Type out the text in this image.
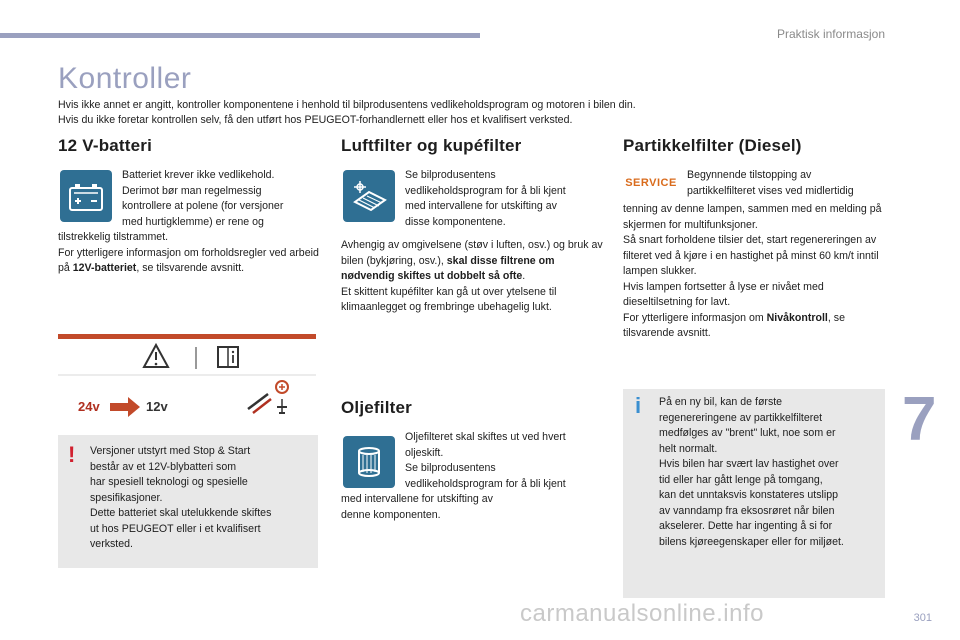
Praktisk informasjon
Kontroller
Hvis ikke annet er angitt, kontroller komponentene i henhold til bilprodusentens vedlikeholdsprogram og motoren i bilen din.
Hvis du ikke foretar kontrollen selv, få den utført hos PEUGEOT-forhandlernett eller hos et kvalifisert verksted.
12 V-batteri
Batteriet krever ikke vedlikehold.
Derimot bør man regelmessig
kontrollere at polene (for versjoner
med hurtigklemme) er rene og
tilstrekkelig tilstrammet.
For ytterligere informasjon om forholdsregler ved arbeid på 12V-batteriet, se tilsvarende avsnitt.
24v	12v
! Versjoner utstyrt med Stop & Start
består av et 12V-blybatteri som
har spesiell teknologi og spesielle
spesifikasjoner.
Dette batteriet skal utelukkende skiftes
ut hos PEUGEOT eller i et kvalifisert
verksted.
Luftfilter og kupéfilter
Se bilprodusentens
vedlikeholdsprogram for å bli kjent
med intervallene for utskifting av
disse komponentene.
Avhengig av omgivelsene (støv i luften, osv.) og bruk av bilen (bykjøring, osv.), skal disse filtrene om nødvendig skiftes ut dobbelt så ofte.
Et skittent kupéfilter kan gå ut over ytelsene til klimaanlegget og frembringe ubehagelig lukt.
Oljefilter
Oljefilteret skal skiftes ut ved hvert
oljeskift.
Se bilprodusentens
vedlikeholdsprogram for å bli kjent
med intervallene for utskifting av
denne komponenten.
Partikkelfilter (Diesel)
SERVICE
Begynnende tilstopping av
partikkelfilteret vises ved midlertidig
tenning av denne lampen, sammen med en melding på skjermen for multifunksjoner.
Så snart forholdene tilsier det, start regenereringen av filteret ved å kjøre i en hastighet på minst 60 km/t inntil lampen slukker.
Hvis lampen fortsetter å lyse er nivået med dieseltilsetning for lavt.
For ytterligere informasjon om Nivåkontroll, se tilsvarende avsnitt.
i	På en ny bil, kan de første
regenereringene av partikkelfilteret
medfølges av "brent" lukt, noe som er
helt normalt.
Hvis bilen har svært lav hastighet over
tid eller har gått lenge på tomgang,
kan det unntaksvis konstateres utslipp
av vanndamp fra eksosrøret når bilen
akselerer. Dette har ingenting å si for
bilens kjøreegenskaper eller for miljøet.
7
301
carmanualsonline.info
